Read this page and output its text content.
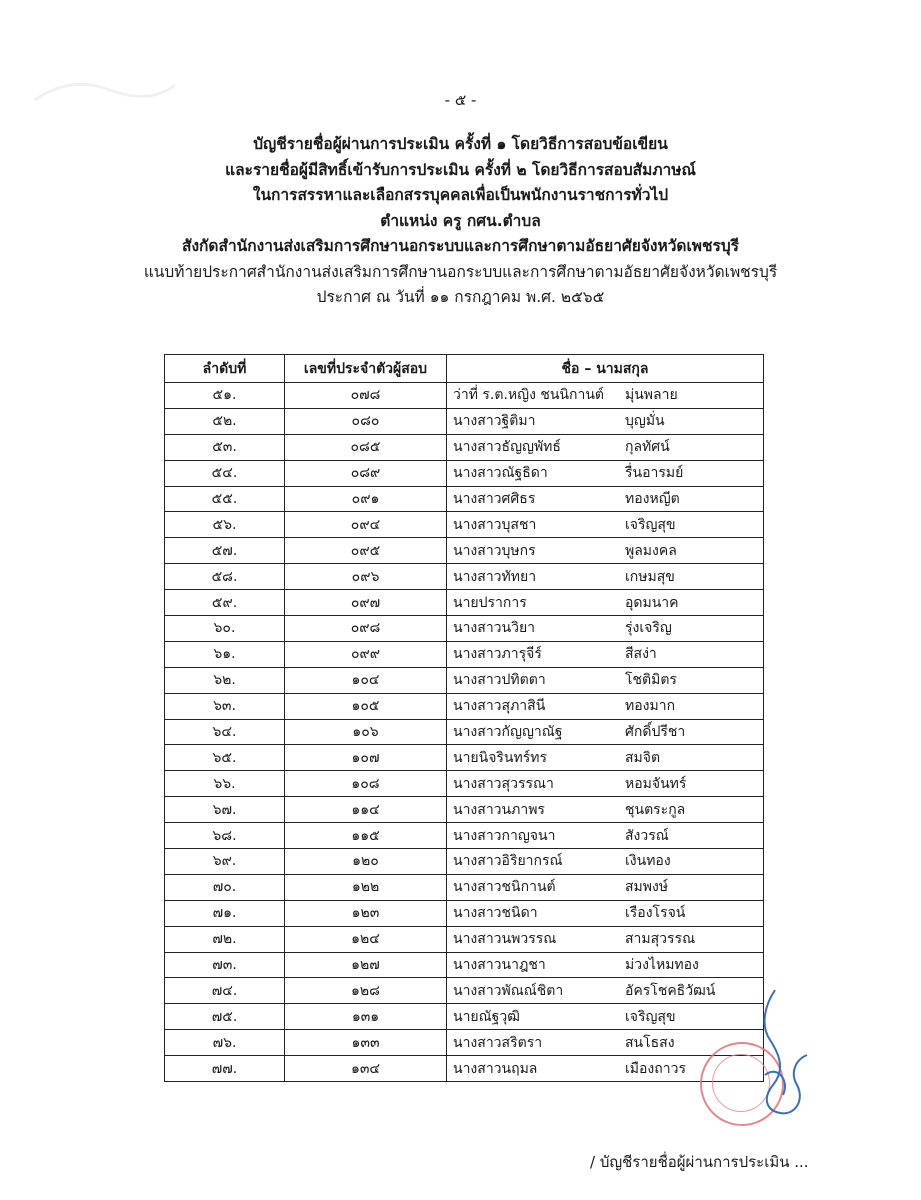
- ๕ -
บัญชีรายชื่อผู้ผ่านการประเมิน ครั้งที่ ๑ โดยวิธีการสอบข้อเขียน
และรายชื่อผู้มีสิทธิ์เข้ารับการประเมิน ครั้งที่ ๒ โดยวิธีการสอบสัมภาษณ์
ในการสรรหาและเลือกสรรบุคคลเพื่อเป็นพนักงานราชการทั่วไป
ตำแหน่ง ครู กศน.ตำบล
สังกัดสำนักงานส่งเสริมการศึกษานอกระบบและการศึกษาตามอัธยาศัยจังหวัดเพชรบุรี
แนบท้ายประกาศสำนักงานส่งเสริมการศึกษานอกระบบและการศึกษาตามอัธยาศัยจังหวัดเพชรบุรี
ประกาศ ณ วันที่ ๑๑ กรกฎาคม พ.ศ. ๒๕๖๕
ลำดับที่	เลขที่ประจำตัวผู้สอบ	ชื่อ – นามสกุล
๕๑.	๐๗๘	ว่าที่ ร.ต.หญิง ชนนิกานต์ มุ่นพลาย
๕๒.	๐๘๐	นางสาวฐิติมา บุญมั่น
๕๓.	๐๘๕	นางสาวธัญญพัทธ์ กุลทัศน์
๕๔.	๐๘๙	นางสาวณัฐธิดา รื่นอารมย์
๕๕.	๐๙๑	นางสาวศศิธร ทองหญีต
๕๖.	๐๙๔	นางสาวบุสชา เจริญสุข
๕๗.	๐๙๕	นางสาวบุษกร พูลมงคล
๕๘.	๐๙๖	นางสาวทัทยา เกษมสุข
๕๙.	๐๙๗	นายปราการ อุดมนาค
๖๐.	๐๙๘	นางสาวนวิยา รุ่งเจริญ
๖๑.	๐๙๙	นางสาวภารุจีร์ สีสง่า
๖๒.	๑๐๔	นางสาวปทิตตา โชติมิตร
๖๓.	๑๐๕	นางสาวสุภาสินี ทองมาก
๖๔.	๑๐๖	นางสาวกัญญาณัฐ ศักดิ์ปรีชา
๖๕.	๑๐๗	นายนิจรินทร์ทร สมจิต
๖๖.	๑๐๘	นางสาวสุวรรณา หอมจันทร์
๖๗.	๑๑๔	นางสาวนภาพร ชุนตระกูล
๖๘.	๑๑๕	นางสาวกาญจนา สังวรณ์
๖๙.	๑๒๐	นางสาวอิริยากรณ์ เงินทอง
๗๐.	๑๒๒	นางสาวชนิกานต์ สมพงษ์
๗๑.	๑๒๓	นางสาวชนิดา เรืองโรจน์
๗๒.	๑๒๔	นางสาวนพวรรณ สามสุวรรณ
๗๓.	๑๒๗	นางสาวนาฎชา ม่วงไหมทอง
๗๔.	๑๒๘	นางสาวพัณณ์ชิตา อัครโชคธิวัฒน์
๗๕.	๑๓๑	นายณัฐวุฒิ เจริญสุข
๗๖.	๑๓๓	นางสาวสริตรา สนโธสง
๗๗.	๑๓๔	นางสาวนฤมล เมืองถาวร
/ บัญชีรายชื่อผู้ผ่านการประเมิน ...
